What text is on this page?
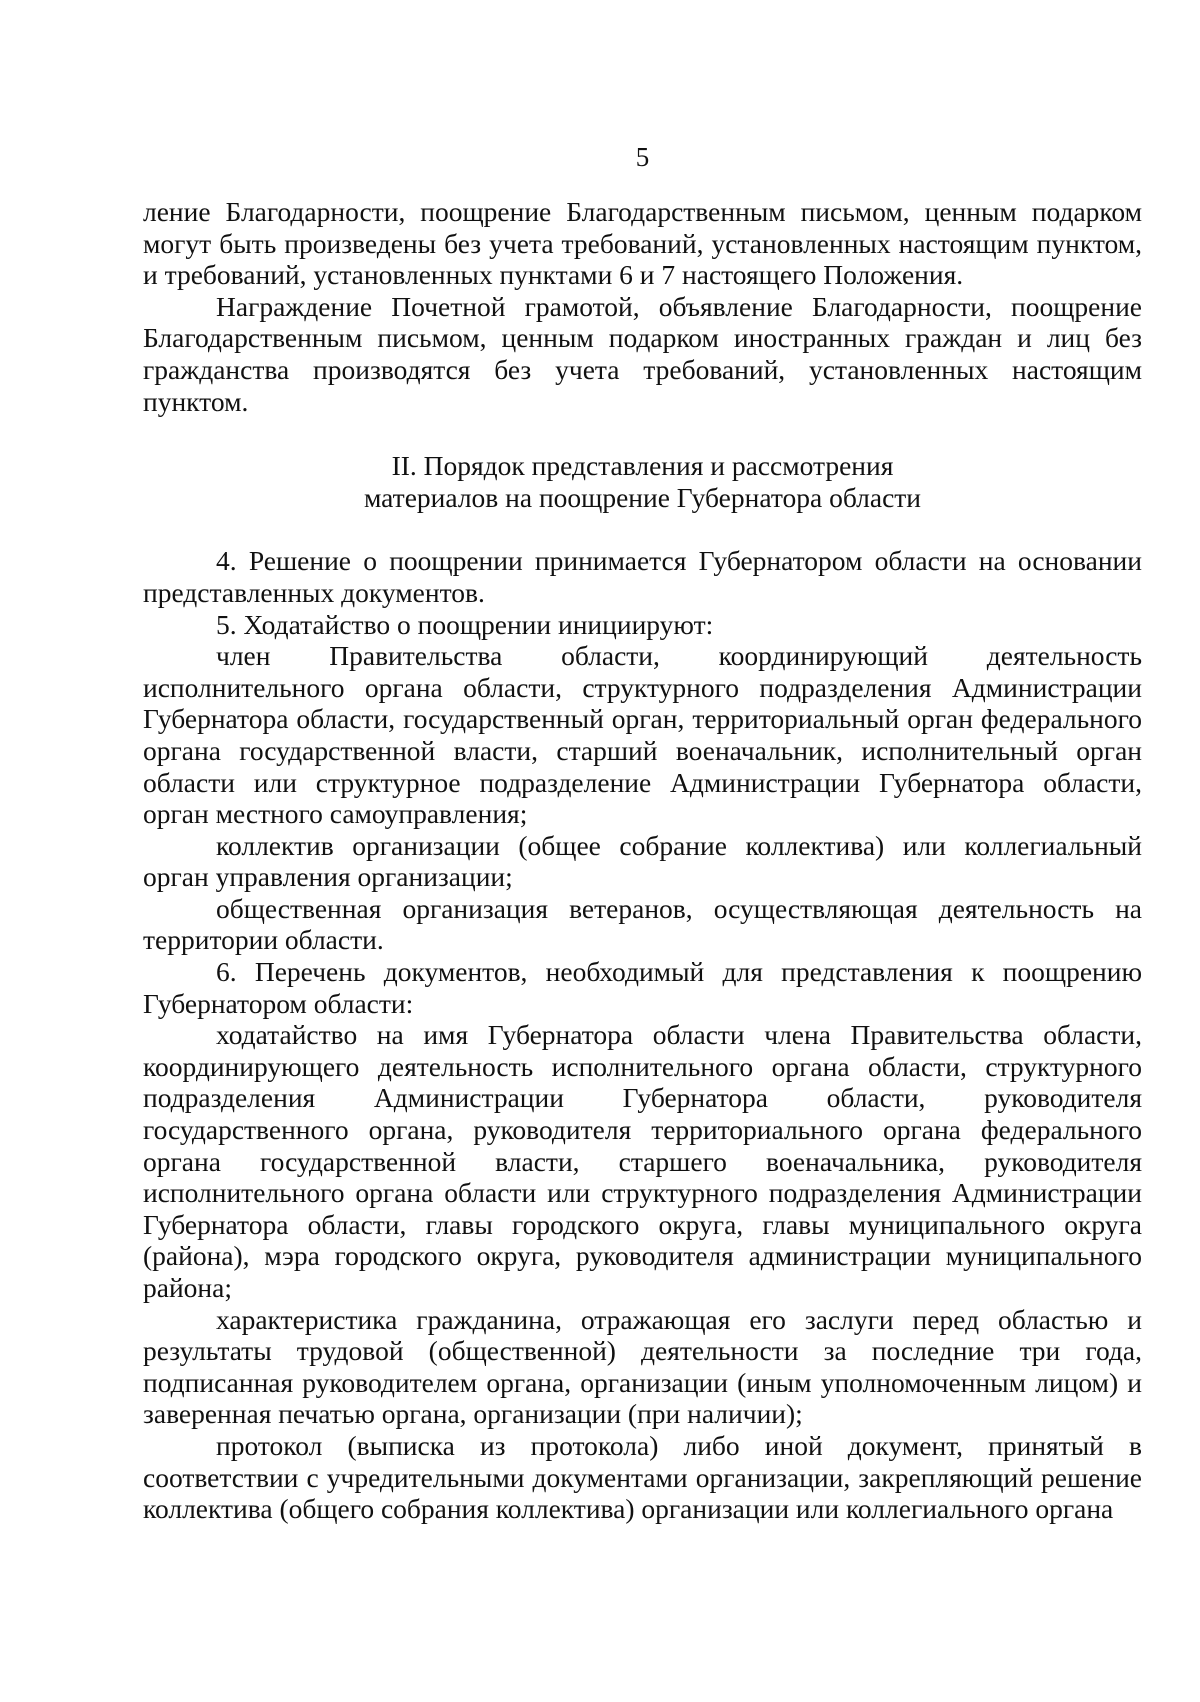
5

ление Благодарности, поощрение Благодарственным письмом, ценным подарком могут быть произведены без учета требований, установленных настоящим пунктом, и требований, установленных пунктами 6 и 7 настоящего Положения.

Награждение Почетной грамотой, объявление Благодарности, поощрение Благодарственным письмом, ценным подарком иностранных граждан и лиц без гражданства производятся без учета требований, установленных настоящим пунктом.

II. Порядок представления и рассмотрения
материалов на поощрение Губернатора области

4. Решение о поощрении принимается Губернатором области на основании представленных документов.

5. Ходатайство о поощрении инициируют:

член Правительства области, координирующий деятельность исполнительного органа области, структурного подразделения Администрации Губернатора области, государственный орган, территориальный орган федерального органа государственной власти, старший военачальник, исполнительный орган области или структурное подразделение Администрации Губернатора области, орган местного самоуправления;

коллектив организации (общее собрание коллектива) или коллегиальный орган управления организации;

общественная организация ветеранов, осуществляющая деятельность на территории области.

6. Перечень документов, необходимый для представления к поощрению Губернатором области:

ходатайство на имя Губернатора области члена Правительства области, координирующего деятельность исполнительного органа области, структурного подразделения Администрации Губернатора области, руководителя государственного органа, руководителя территориального органа федерального органа государственной власти, старшего военачальника, руководителя исполнительного органа области или структурного подразделения Администрации Губернатора области, главы городского округа, главы муниципального округа (района), мэра городского округа, руководителя администрации муниципального района;

характеристика гражданина, отражающая его заслуги перед областью и результаты трудовой (общественной) деятельности за последние три года, подписанная руководителем органа, организации (иным уполномоченным лицом) и заверенная печатью органа, организации (при наличии);

протокол (выписка из протокола) либо иной документ, принятый в соответствии с учредительными документами организации, закрепляющий решение коллектива (общего собрания коллектива) организации или коллегиального органа
